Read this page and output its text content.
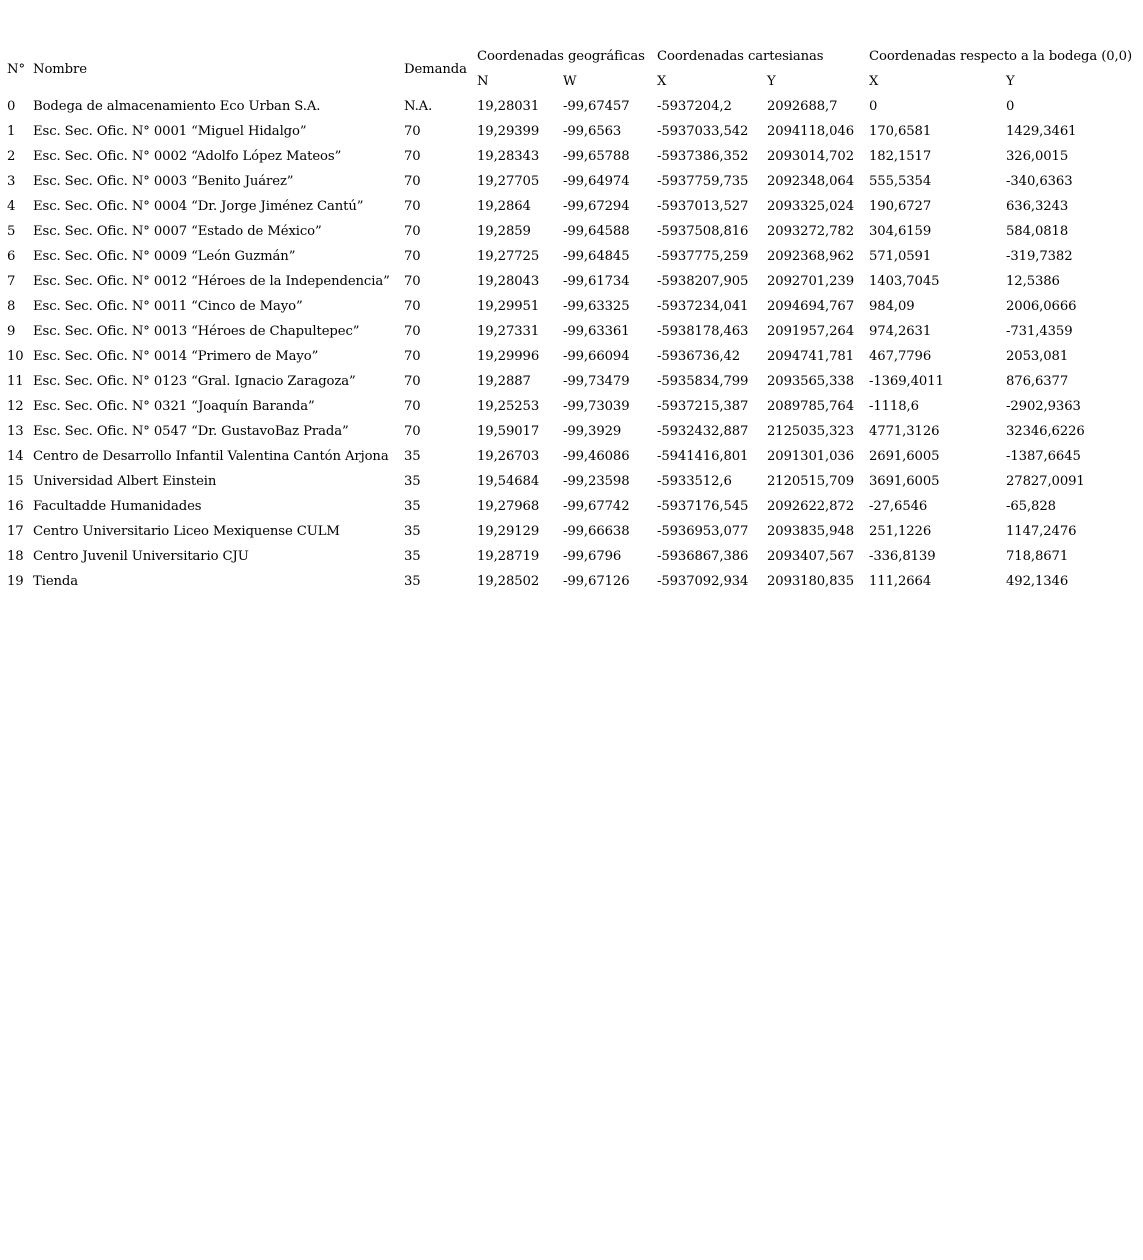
N°	Nombre	Demanda	Coordenadas geográficas		Coordenadas cartesianas		Coordenadas respecto a la bodega (0,0)	
			N	W	X	Y	X	Y
0	Bodega de almacenamiento Eco Urban S.A.	N.A.	19,28031	-99,67457	-5937204,2	2092688,7	0	0
1	Esc. Sec. Ofic. N° 0001 “Miguel Hidalgo”	70	19,29399	-99,6563	-5937033,542	2094118,046	170,6581	1429,3461
2	Esc. Sec. Ofic. N° 0002 “Adolfo López Mateos”	70	19,28343	-99,65788	-5937386,352	2093014,702	182,1517	326,0015
3	Esc. Sec. Ofic. N° 0003 “Benito Juárez”	70	19,27705	-99,64974	-5937759,735	2092348,064	555,5354	-340,6363
4	Esc. Sec. Ofic. N° 0004 “Dr. Jorge Jiménez Cantú”	70	19,2864	-99,67294	-5937013,527	2093325,024	190,6727	636,3243
5	Esc. Sec. Ofic. N° 0007 “Estado de México”	70	19,2859	-99,64588	-5937508,816	2093272,782	304,6159	584,0818
6	Esc. Sec. Ofic. N° 0009 “León Guzmán”	70	19,27725	-99,64845	-5937775,259	2092368,962	571,0591	-319,7382
7	Esc. Sec. Ofic. N° 0012 “Héroes de la Independencia”	70	19,28043	-99,61734	-5938207,905	2092701,239	1403,7045	12,5386
8	Esc. Sec. Ofic. N° 0011 “Cinco de Mayo”	70	19,29951	-99,63325	-5937234,041	2094694,767	984,09	2006,0666
9	Esc. Sec. Ofic. N° 0013 “Héroes de Chapultepec”	70	19,27331	-99,63361	-5938178,463	2091957,264	974,2631	-731,4359
10	Esc. Sec. Ofic. N° 0014 “Primero de Mayo”	70	19,29996	-99,66094	-5936736,42	2094741,781	467,7796	2053,081
11	Esc. Sec. Ofic. N° 0123 “Gral. Ignacio Zaragoza”	70	19,2887	-99,73479	-5935834,799	2093565,338	-1369,4011	876,6377
12	Esc. Sec. Ofic. N° 0321 “Joaquín Baranda”	70	19,25253	-99,73039	-5937215,387	2089785,764	-1118,6	-2902,9363
13	Esc. Sec. Ofic. N° 0547 “Dr. GustavoBaz Prada”	70	19,59017	-99,3929	-5932432,887	2125035,323	4771,3126	32346,6226
14	Centro de Desarrollo Infantil Valentina Cantón Arjona	35	19,26703	-99,46086	-5941416,801	2091301,036	2691,6005	-1387,6645
15	Universidad Albert Einstein	35	19,54684	-99,23598	-5933512,6	2120515,709	3691,6005	27827,0091
16	Facultadde Humanidades	35	19,27968	-99,67742	-5937176,545	2092622,872	-27,6546	-65,828
17	Centro Universitario Liceo Mexiquense CULM	35	19,29129	-99,66638	-5936953,077	2093835,948	251,1226	1147,2476
18	Centro Juvenil Universitario CJU	35	19,28719	-99,6796	-5936867,386	2093407,567	-336,8139	718,8671
19	Tienda	35	19,28502	-99,67126	-5937092,934	2093180,835	111,2664	492,1346
